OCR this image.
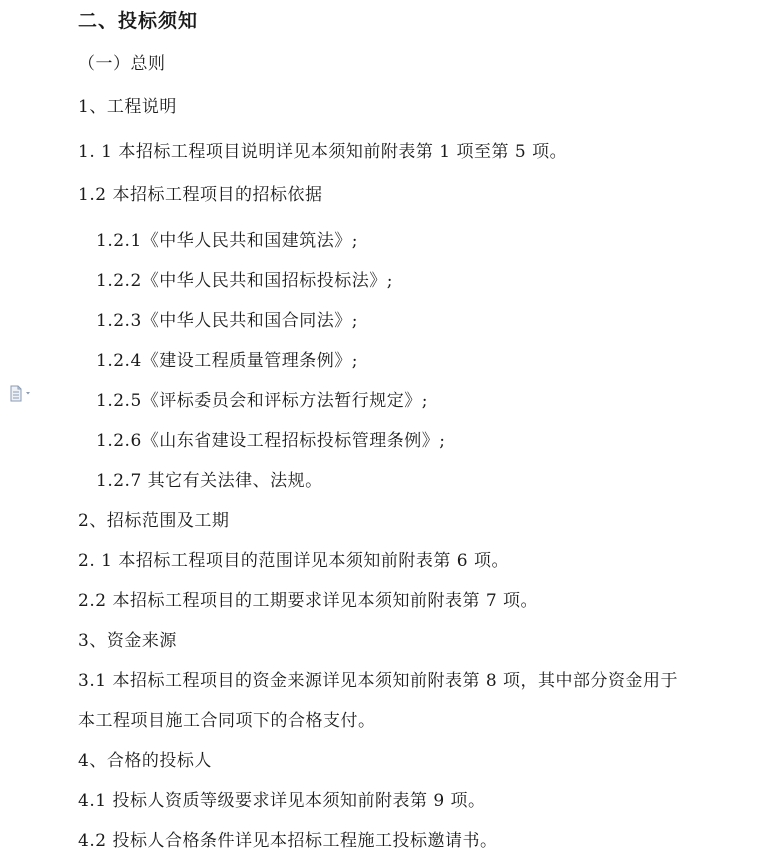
二、投标须知
（一）总则
1、工程说明
1. 1 本招标工程项目说明详见本须知前附表第 1 项至第 5 项。
1.2 本招标工程项目的招标依据
1.2.1《中华人民共和国建筑法》;
1.2.2《中华人民共和国招标投标法》;
1.2.3《中华人民共和国合同法》;
1.2.4《建设工程质量管理条例》;
1.2.5《评标委员会和评标方法暂行规定》;
1.2.6《山东省建设工程招标投标管理条例》;
1.2.7 其它有关法律、法规。
2、招标范围及工期
2. 1 本招标工程项目的范围详见本须知前附表第 6 项。
2.2 本招标工程项目的工期要求详见本须知前附表第 7 项。
3、资金来源
3.1 本招标工程项目的资金来源详见本须知前附表第 8 项，其中部分资金用于
本工程项目施工合同项下的合格支付。
4、合格的投标人
4.1 投标人资质等级要求详见本须知前附表第 9 项。
4.2 投标人合格条件详见本招标工程施工投标邀请书。
